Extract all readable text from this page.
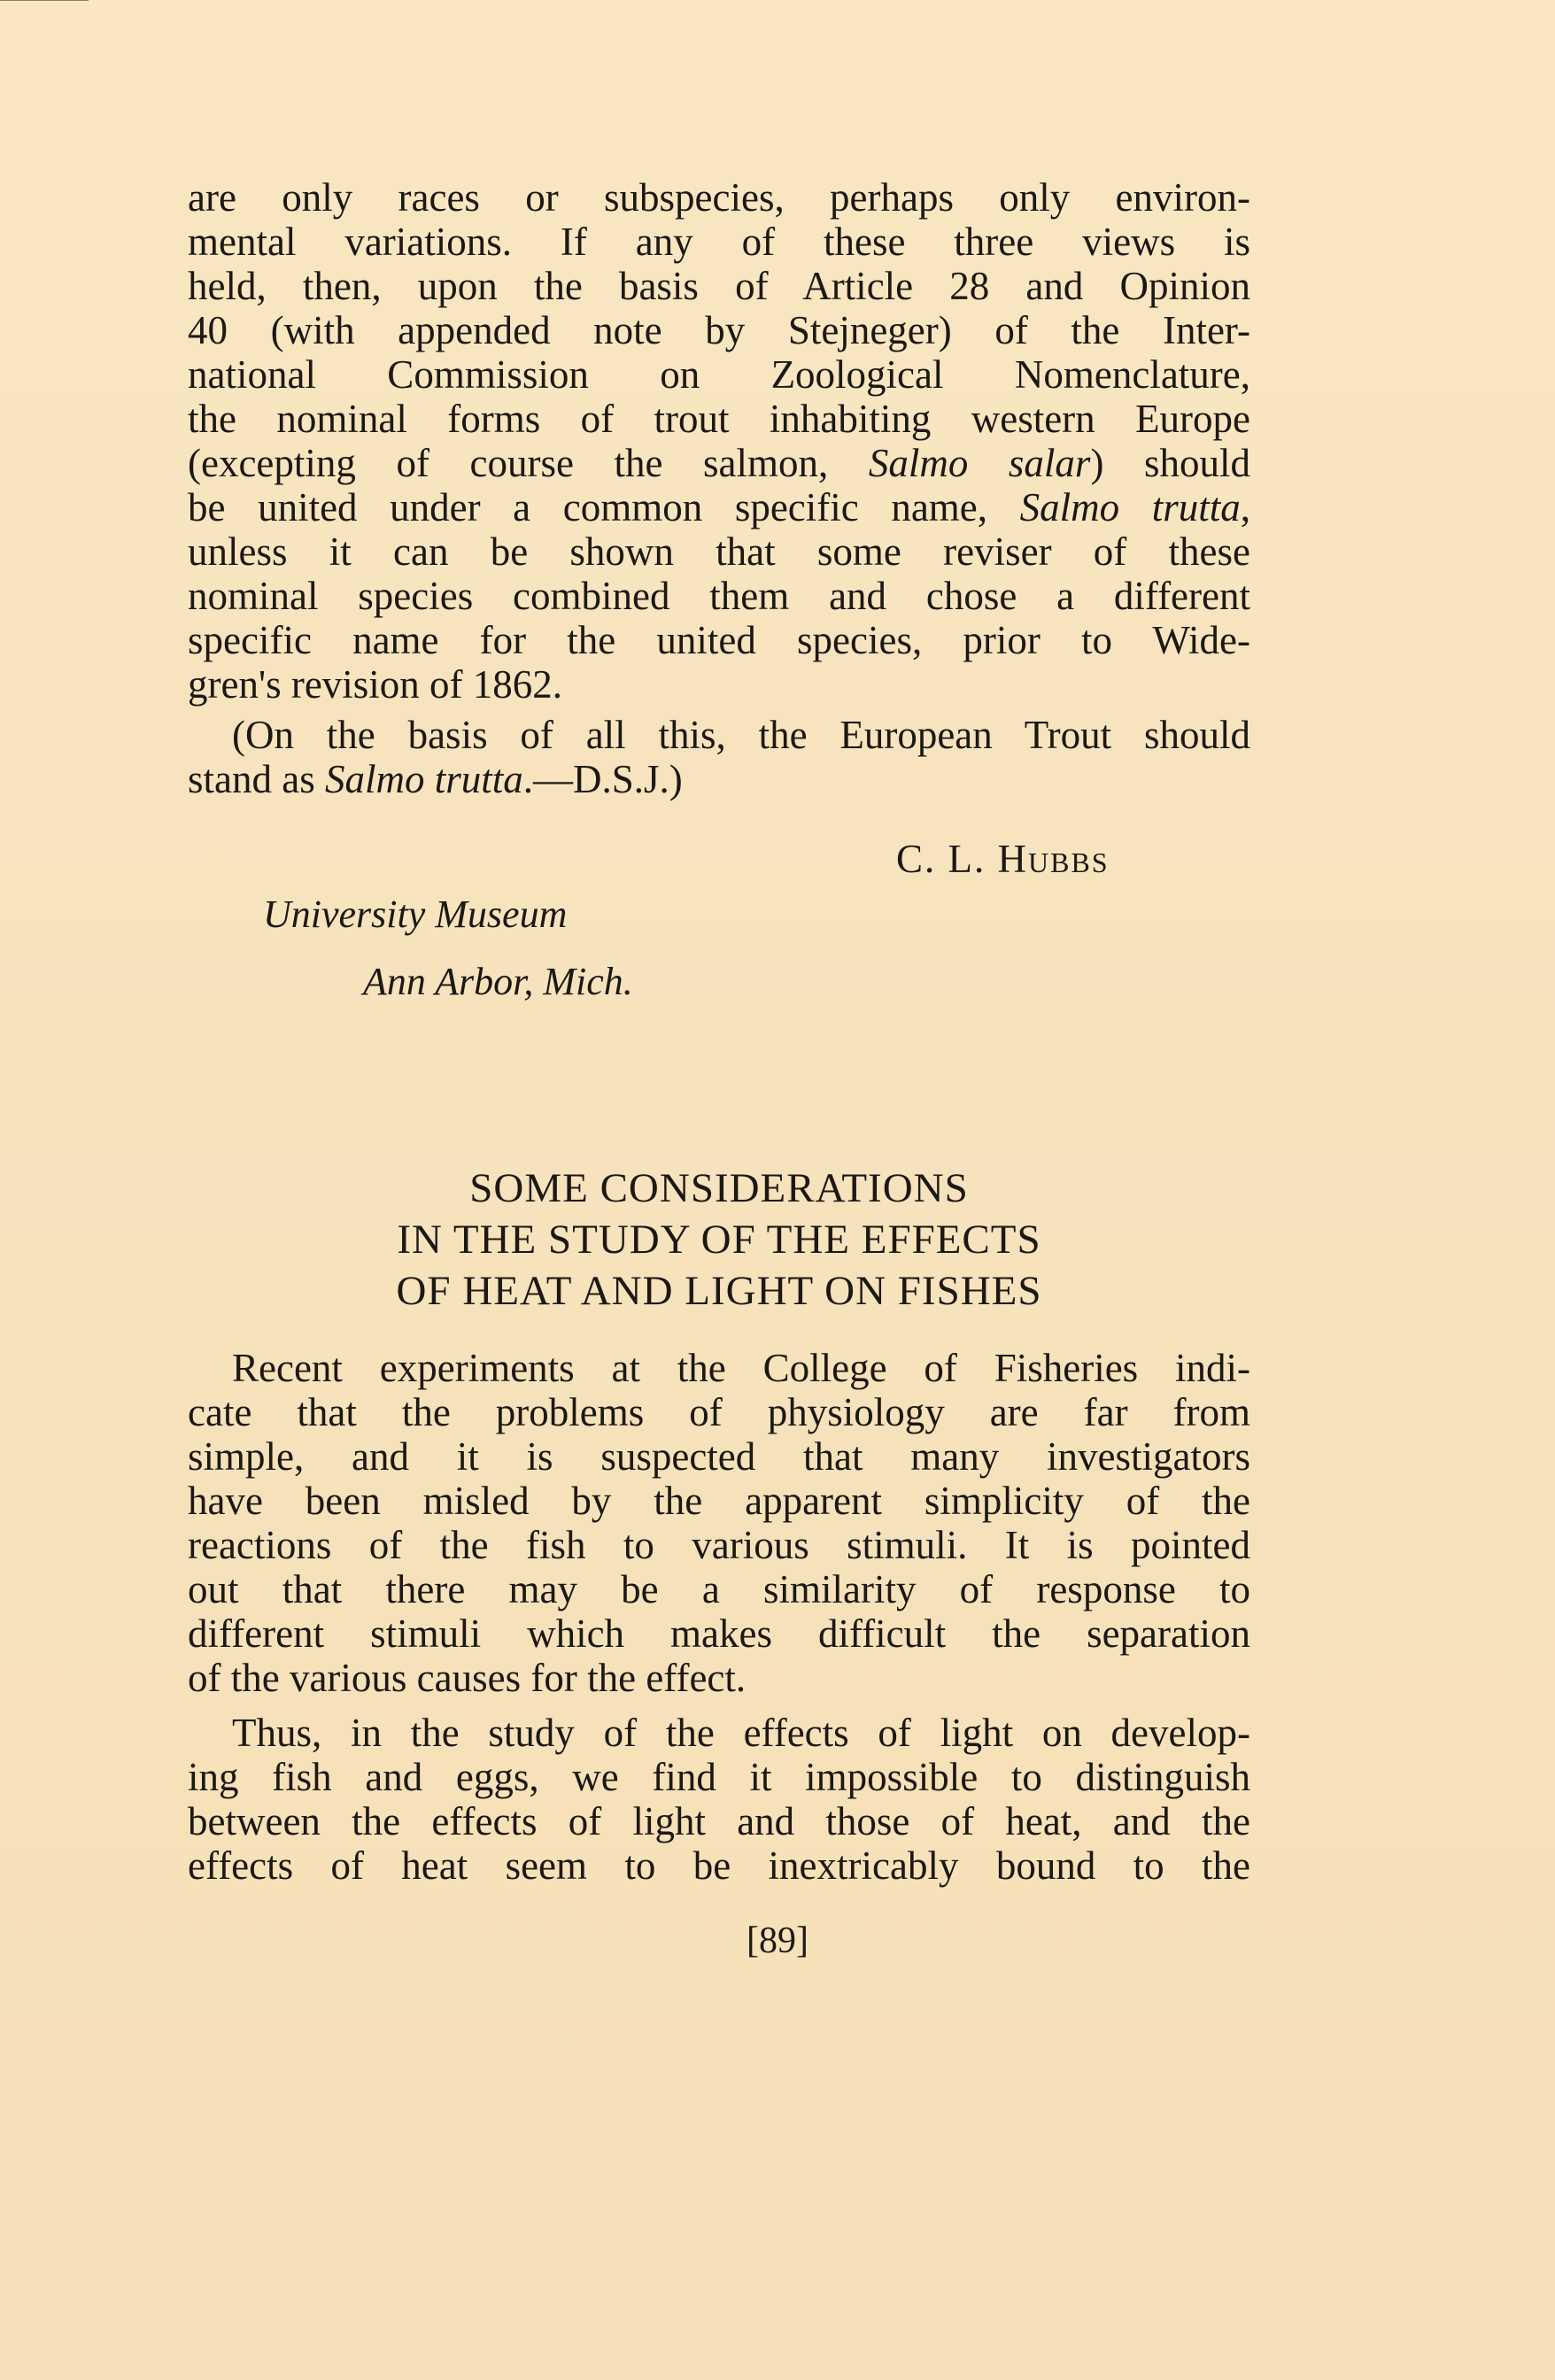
are only races or subspecies, perhaps only environ-
mental variations. If any of these three views is
held, then, upon the basis of Article 28 and Opinion
40 (with appended note by Stejneger) of the Inter-
national Commission on Zoological Nomenclature,
the nominal forms of trout inhabiting western Europe
(excepting of course the salmon, Salmo salar) should
be united under a common specific name, Salmo trutta,
unless it can be shown that some reviser of these
nominal species combined them and chose a different
specific name for the united species, prior to Wide-
gren's revision of 1862.
(On the basis of all this, the European Trout should
stand as Salmo trutta.—D.S.J.)
C. L. Hubbs
University Museum
Ann Arbor, Mich.
SOME CONSIDERATIONS
IN THE STUDY OF THE EFFECTS
OF HEAT AND LIGHT ON FISHES
Recent experiments at the College of Fisheries indi-
cate that the problems of physiology are far from
simple, and it is suspected that many investigators
have been misled by the apparent simplicity of the
reactions of the fish to various stimuli. It is pointed
out that there may be a similarity of response to
different stimuli which makes difficult the separation
of the various causes for the effect.
Thus, in the study of the effects of light on develop-
ing fish and eggs, we find it impossible to distinguish
between the effects of light and those of heat, and the
effects of heat seem to be inextricably bound to the
[89]
